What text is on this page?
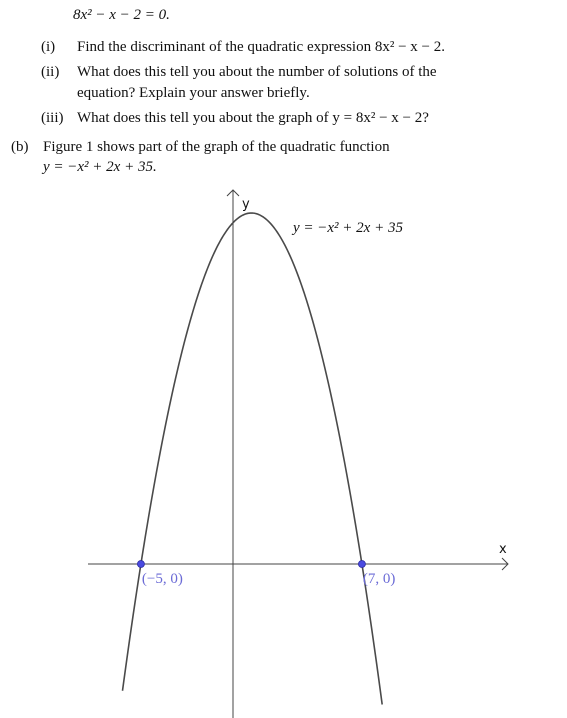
8x² − x − 2 = 0.
(i) Find the discriminant of the quadratic expression 8x² − x − 2.
(ii) What does this tell you about the number of solutions of the
equation? Explain your answer briefly.
(iii) What does this tell you about the graph of y = 8x² − x − 2?
(b) Figure 1 shows part of the graph of the quadratic function
y = −x² + 2x + 35.
x
y
y = −x² + 2x + 35
(−5, 0)	(7, 0)
